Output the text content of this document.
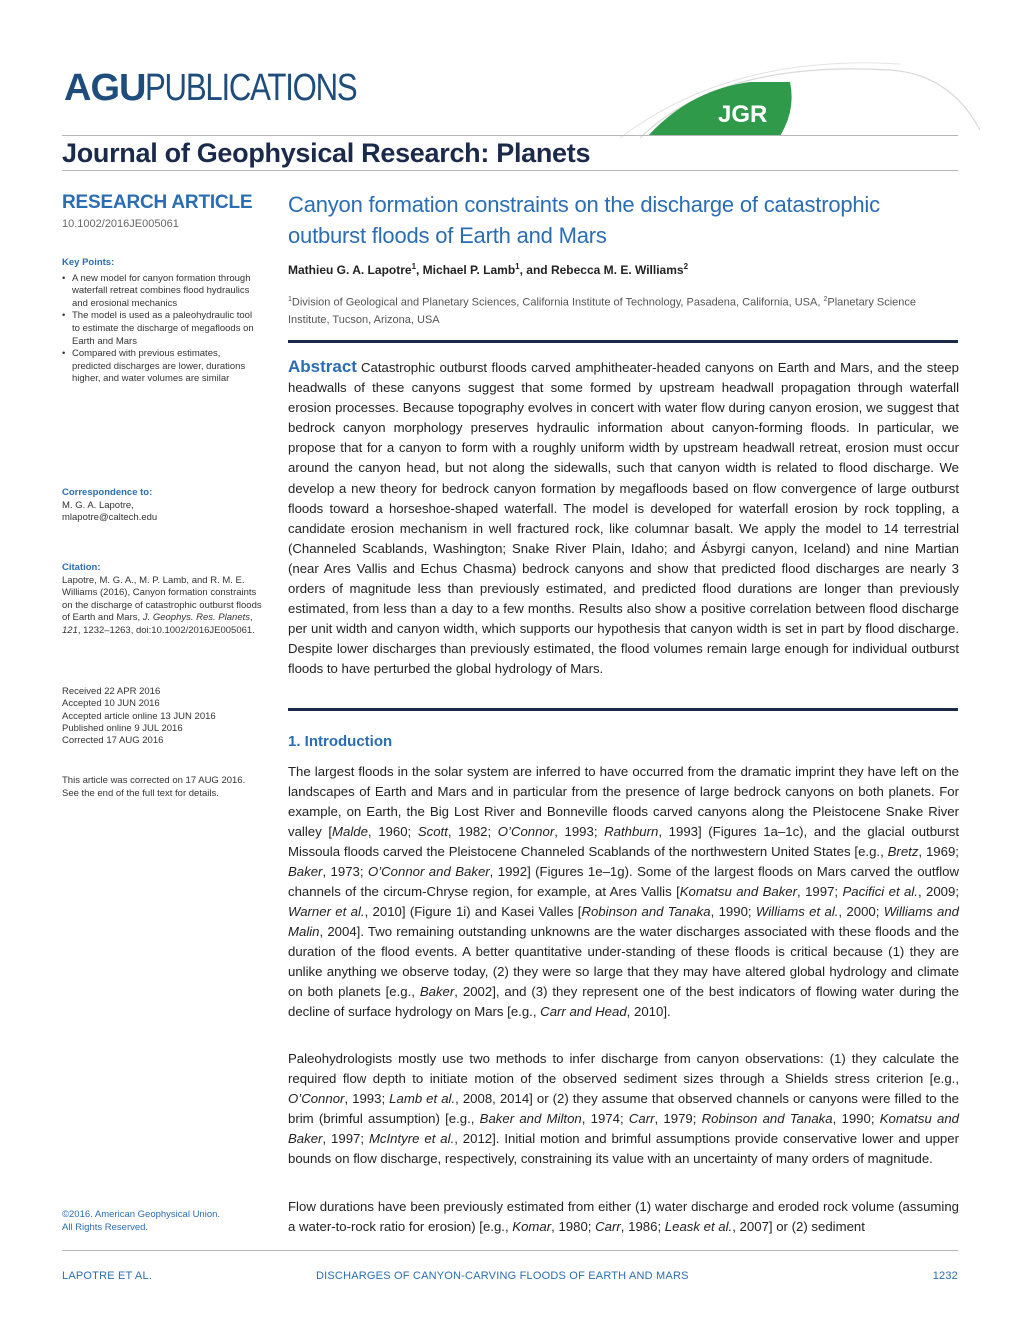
AGU PUBLICATIONS
JGR
Journal of Geophysical Research: Planets
RESEARCH ARTICLE
10.1002/2016JE005061
Key Points:
• A new model for canyon formation through waterfall retreat combines flood hydraulics and erosional mechanics
• The model is used as a paleohydraulic tool to estimate the discharge of megafloods on Earth and Mars
• Compared with previous estimates, predicted discharges are lower, durations higher, and water volumes are similar
Correspondence to:
M. G. A. Lapotre,
mlapotre@caltech.edu
Citation:
Lapotre, M. G. A., M. P. Lamb, and R. M. E. Williams (2016), Canyon formation constraints on the discharge of catastrophic outburst floods of Earth and Mars, J. Geophys. Res. Planets, 121, 1232–1263, doi:10.1002/2016JE005061.
Received 22 APR 2016
Accepted 10 JUN 2016
Accepted article online 13 JUN 2016
Published online 9 JUL 2016
Corrected 17 AUG 2016
This article was corrected on 17 AUG 2016. See the end of the full text for details.
©2016. American Geophysical Union.
All Rights Reserved.
Canyon formation constraints on the discharge of catastrophic outburst floods of Earth and Mars
Mathieu G. A. Lapotre$^1$, Michael P. Lamb$^1$, and Rebecca M. E. Williams$^2$
$^1$Division of Geological and Planetary Sciences, California Institute of Technology, Pasadena, California, USA, $^2$Planetary Science Institute, Tucson, Arizona, USA
Abstract Catastrophic outburst floods carved amphitheater-headed canyons on Earth and Mars, and the steep headwalls of these canyons suggest that some formed by upstream headwall propagation through waterfall erosion processes. Because topography evolves in concert with water flow during canyon erosion, we suggest that bedrock canyon morphology preserves hydraulic information about canyon-forming floods. In particular, we propose that for a canyon to form with a roughly uniform width by upstream headwall retreat, erosion must occur around the canyon head, but not along the sidewalls, such that canyon width is related to flood discharge. We develop a new theory for bedrock canyon formation by megafloods based on flow convergence of large outburst floods toward a horseshoe-shaped waterfall. The model is developed for waterfall erosion by rock toppling, a candidate erosion mechanism in well fractured rock, like columnar basalt. We apply the model to 14 terrestrial (Channeled Scablands, Washington; Snake River Plain, Idaho; and Ásbyrgi canyon, Iceland) and nine Martian (near Ares Vallis and Echus Chasma) bedrock canyons and show that predicted flood discharges are nearly 3 orders of magnitude less than previously estimated, and predicted flood durations are longer than previously estimated, from less than a day to a few months. Results also show a positive correlation between flood discharge per unit width and canyon width, which supports our hypothesis that canyon width is set in part by flood discharge. Despite lower discharges than previously estimated, the flood volumes remain large enough for individual outburst floods to have perturbed the global hydrology of Mars.
1. Introduction
The largest floods in the solar system are inferred to have occurred from the dramatic imprint they have left on the landscapes of Earth and Mars and in particular from the presence of large bedrock canyons on both planets. For example, on Earth, the Big Lost River and Bonneville floods carved canyons along the Pleistocene Snake River valley [Malde, 1960; Scott, 1982; O’Connor, 1993; Rathburn, 1993] (Figures 1a–1c), and the glacial outburst Missoula floods carved the Pleistocene Channeled Scablands of the northwestern United States [e.g., Bretz, 1969; Baker, 1973; O’Connor and Baker, 1992] (Figures 1e–1g). Some of the largest floods on Mars carved the outflow channels of the circum-Chryse region, for example, at Ares Vallis [Komatsu and Baker, 1997; Pacifici et al., 2009; Warner et al., 2010] (Figure 1i) and Kasei Valles [Robinson and Tanaka, 1990; Williams et al., 2000; Williams and Malin, 2004]. Two remaining outstanding unknowns are the water discharges associated with these floods and the duration of the flood events. A better quantitative under-standing of these floods is critical because (1) they are unlike anything we observe today, (2) they were so large that they may have altered global hydrology and climate on both planets [e.g., Baker, 2002], and (3) they represent one of the best indicators of flowing water during the decline of surface hydrology on Mars [e.g., Carr and Head, 2010].
Paleohydrologists mostly use two methods to infer discharge from canyon observations: (1) they calculate the required flow depth to initiate motion of the observed sediment sizes through a Shields stress criterion [e.g., O’Connor, 1993; Lamb et al., 2008, 2014] or (2) they assume that observed channels or canyons were filled to the brim (brimful assumption) [e.g., Baker and Milton, 1974; Carr, 1979; Robinson and Tanaka, 1990; Komatsu and Baker, 1997; McIntyre et al., 2012]. Initial motion and brimful assumptions provide conservative lower and upper bounds on flow discharge, respectively, constraining its value with an uncertainty of many orders of magnitude.
Flow durations have been previously estimated from either (1) water discharge and eroded rock volume (assuming a water-to-rock ratio for erosion) [e.g., Komar, 1980; Carr, 1986; Leask et al., 2007] or (2) sediment
LAPOTRE ET AL.	DISCHARGES OF CANYON-CARVING FLOODS OF EARTH AND MARS	1232
